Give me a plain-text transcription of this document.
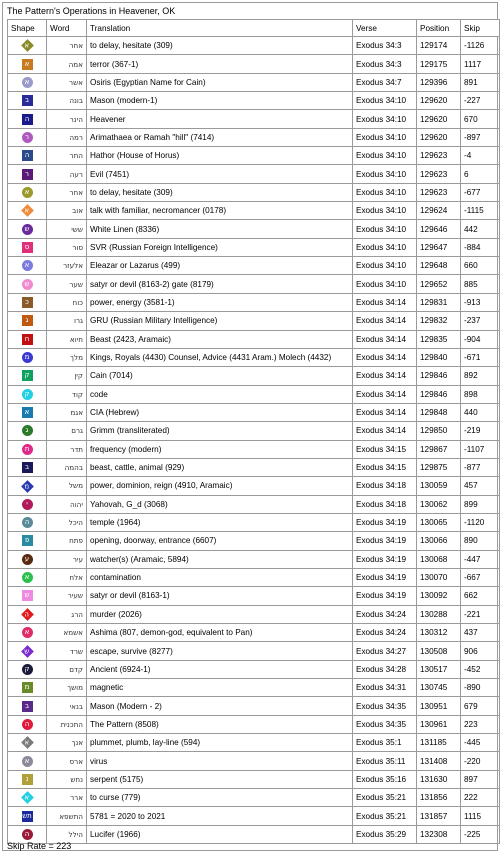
The Pattern's Operations in Heavener, OK
Shape	Word	Translation	Verse	Position	Skip
א	אחר	to delay, hesitate (309)	Exodus 34:3	129174	-1126
א	אמה	terror (367-1)	Exodus 34:3	129175	1117
א	אשר	Osiris (Egyptian Name for Cain)	Exodus 34:7	129396	891
ב	בונה	Mason (modern-1)	Exodus 34:10	129620	-227
ה	הינר	Heavener	Exodus 34:10	129620	670
ר	רמה	Arimathaea or Ramah "hill" (7414)	Exodus 34:10	129620	-897
ה	התר	Hathor (House of Horus)	Exodus 34:10	129623	-4
ר	רעה	Evil (7451)	Exodus 34:10	129623	6
א	אחר	to delay, hesitate (309)	Exodus 34:10	129623	-677
א	אוב	talk with familiar, necromancer (0178)	Exodus 34:10	129624	-1115
ש	ששי	White Linen (8336)	Exodus 34:10	129646	442
ס	סור	SVR (Russian Foreign Intelligence)	Exodus 34:10	129647	-884
א	אלעזר	Eleazar or Lazarus (499)	Exodus 34:10	129648	660
ש	שער	satyr or devil (8163-2) gate (8179)	Exodus 34:10	129652	885
כ	כוח	power, energy (3581-1)	Exodus 34:14	129831	-913
ג	גרו	GRU (Russian Military Intelligence)	Exodus 34:14	129832	-237
ח	חיוא	Beast (2423, Aramaic)	Exodus 34:14	129835	-904
מ	מלך	Kings, Royals (4430) Counsel, Advice (4431 Aram.) Molech (4432)	Exodus 34:14	129840	-671
ק	קין	Cain (7014)	Exodus 34:14	129846	892
ק	קוד	code	Exodus 34:14	129846	898
א	אגמ	CIA (Hebrew)	Exodus 34:14	129848	440
ג	גרם	Grimm (transliterated)	Exodus 34:14	129850	-219
ת	תדר	frequency (modern)	Exodus 34:15	129867	-1107
ב	בהמה	beast, cattle, animal (929)	Exodus 34:15	129875	-877
מ	משל	power, dominion, reign (4910, Aramaic)	Exodus 34:18	130059	457
י	יהוה	Yahovah, G_d (3068)	Exodus 34:18	130062	899
ה	היכל	temple (1964)	Exodus 34:19	130065	-1120
פ	פתח	opening, doorway, entrance (6607)	Exodus 34:19	130066	890
ע	עיר	watcher(s) (Aramaic, 5894)	Exodus 34:19	130068	-447
א	אלח	contamination	Exodus 34:19	130070	-667
ש	שעיר	satyr or devil (8163-1)	Exodus 34:19	130092	662
ה	הרג	murder (2026)	Exodus 34:24	130288	-221
א	אשמא	Ashima (807, demon-god, equivalent to Pan)	Exodus 34:24	130312	437
ש	שרד	escape, survive (8277)	Exodus 34:27	130508	906
ק	קדם	Ancient (6924-1)	Exodus 34:28	130517	-452
מ	מושך	magnetic	Exodus 34:31	130745	-890
ב	בנאי	Mason (Modern - 2)	Exodus 34:35	130951	679
ה	התכנית	The Pattern (8508)	Exodus 34:35	130961	223
א	אנך	plummet, plumb, lay-line (594)	Exodus 35:1	131185	-445
א	ארס	virus	Exodus 35:11	131408	-220
נ	נחש	serpent (5175)	Exodus 35:16	131630	897
א	ארר	to curse (779)	Exodus 35:21	131856	222
תש	התשפא	5781 = 2020 to 2021	Exodus 35:21	131857	1115
ה	הילל	Lucifer (1966)	Exodus 35:29	132308	-225
Skip Rate = 223
